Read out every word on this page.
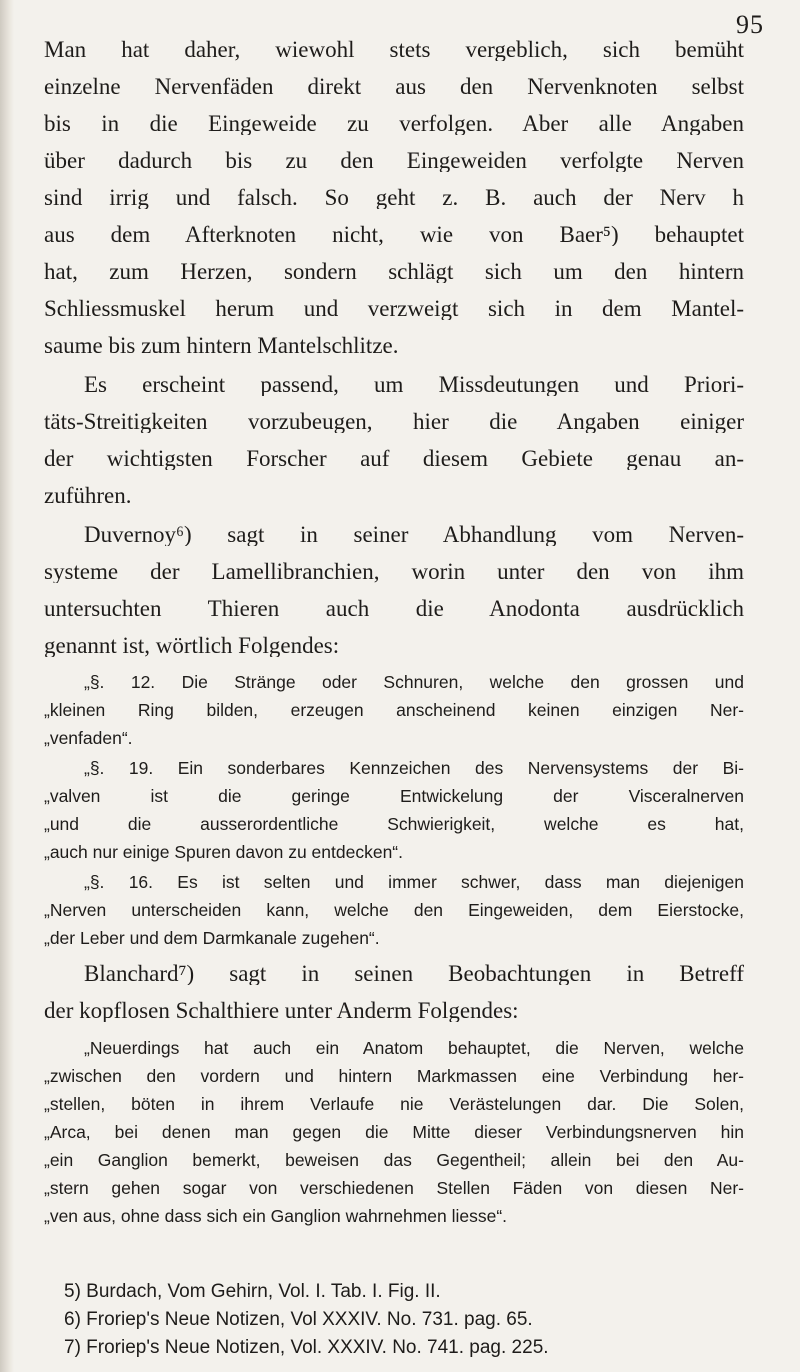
95
Man hat daher, wiewohl stets vergeblich, sich bemüht
einzelne Nervenfäden direkt aus den Nervenknoten selbst
bis in die Eingeweide zu verfolgen. Aber alle Angaben
über dadurch bis zu den Eingeweiden verfolgte Nerven
sind irrig und falsch. So geht z. B. auch der Nerv h
aus dem Afterknoten nicht, wie von Baer⁵) behauptet
hat, zum Herzen, sondern schlägt sich um den hintern
Schliessmuskel herum und verzweigt sich in dem Mantel-
saume bis zum hintern Mantelschlitze.
Es erscheint passend, um Missdeutungen und Priori-
täts-Streitigkeiten vorzubeugen, hier die Angaben einiger
der wichtigsten Forscher auf diesem Gebiete genau an-
zuführen.
Duvernoy⁶) sagt in seiner Abhandlung vom Nerven-
systeme der Lamellibranchien, worin unter den von ihm
untersuchten Thieren auch die Anodonta ausdrücklich
genannt ist, wörtlich Folgendes:
„§. 12. Die Stränge oder Schnuren, welche den grossen und
„kleinen Ring bilden, erzeugen anscheinend keinen einzigen Ner-
„venfaden“.
„§. 19. Ein sonderbares Kennzeichen des Nervensystems der Bi-
„valven ist die geringe Entwickelung der Visceralnerven
„und die ausserordentliche Schwierigkeit, welche es hat,
„auch nur einige Spuren davon zu entdecken“.
„§. 16. Es ist selten und immer schwer, dass man diejenigen
„Nerven unterscheiden kann, welche den Eingeweiden, dem Eierstocke,
„der Leber und dem Darmkanale zugehen“.
Blanchard⁷) sagt in seinen Beobachtungen in Betreff
der kopflosen Schalthiere unter Anderm Folgendes:
„Neuerdings hat auch ein Anatom behauptet, die Nerven, welche
„zwischen den vordern und hintern Markmassen eine Verbindung her-
„stellen, böten in ihrem Verlaufe nie Verästelungen dar. Die Solen,
„Arca, bei denen man gegen die Mitte dieser Verbindungsnerven hin
„ein Ganglion bemerkt, beweisen das Gegentheil; allein bei den Au-
„stern gehen sogar von verschiedenen Stellen Fäden von diesen Ner-
„ven aus, ohne dass sich ein Ganglion wahrnehmen liesse“.
5) Burdach, Vom Gehirn, Vol. I. Tab. I. Fig. II.
6) Froriep's Neue Notizen, Vol XXXIV. No. 731. pag. 65.
7) Froriep's Neue Notizen, Vol. XXXIV. No. 741. pag. 225.
